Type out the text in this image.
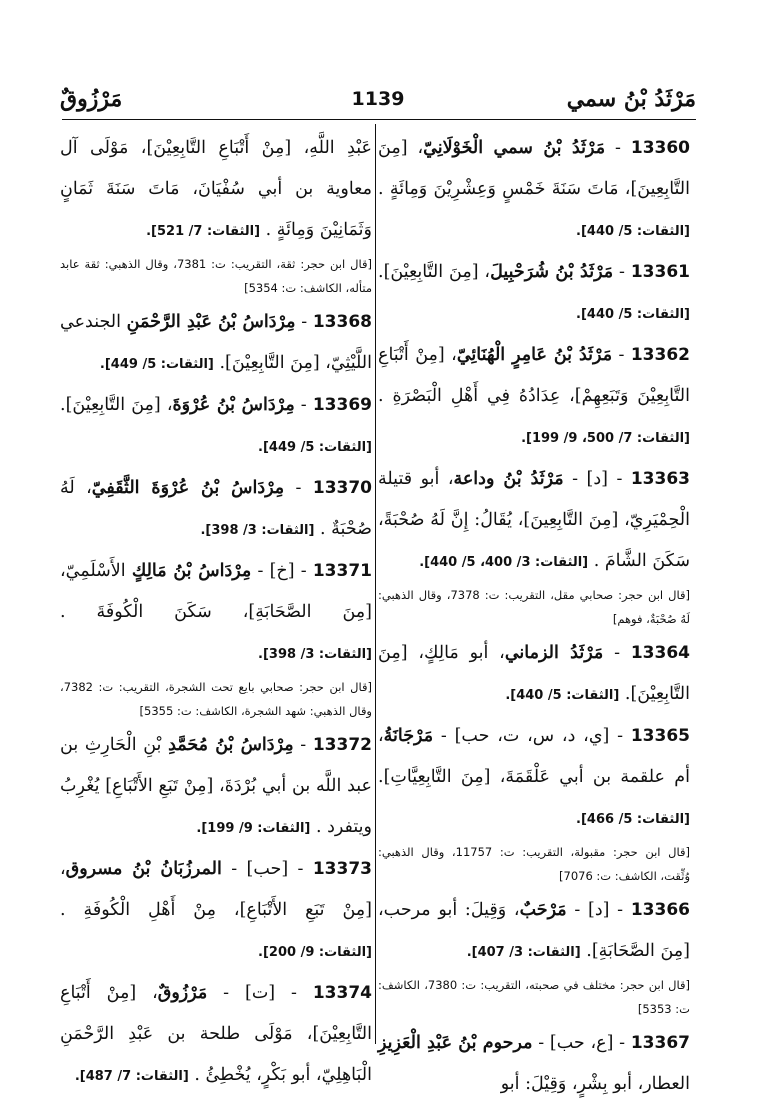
مَرْثَدُ بْنُ سمي
1139
مَرْزُوقٌ

13360 - مَرْثَدُ بْنُ سمي الْخَوْلَانِيّ، [مِنَ التَّابِعِينَ]، مَاتَ سَنَةَ خَمْسٍ وَعِشْرِيْنَ وَمِائَةٍ . [الثقات: 5/ 440].

13361 - مَرْثَدُ بْنُ شُرَحْبِيلَ، [مِنَ التَّابِعِيْنَ]. [الثقات: 5/ 440].

13362 - مَرْثَدُ بْنُ عَامِرٍ الْهُنَائِيّ، [مِنْ أَتْبَاعِ التَّابِعِيْنَ وَتَبَعِهِمْ]، عِدَادُهُ فِي أَهْلِ الْبَصْرَةِ . [الثقات: 7/ 500، 9/ 199].

13363 - [د] - مَرْثَدُ بْنُ وداعة، أبو قتيلة الْحِمْيَرِيّ، [مِنَ التَّابِعِينَ]، يُقَالُ: إِنَّ لَهُ صُحْبَةً، سَكَنَ الشَّامَ . [الثقات: 3/ 400، 5/ 440].

[قال ابن حجر: صحابي مقل، التقريب: ت: 7378، وقال الذهبي: لَهُ صُحْبَةٌ، فوهم]

13364 - مَرْثَدُ الزماني، أبو مَالِكٍ، [مِنَ التَّابِعِيْنَ]. [الثقات: 5/ 440].

13365 - [ي، د، س، ت، حب] - مَرْجَانَةُ، أم علقمة بن أبي عَلْقَمَةَ، [مِنَ التَّابِعِيَّاتِ]. [الثقات: 5/ 466].

[قال ابن حجر: مقبولة، التقريب: ت: 11757، وقال الذهبي: وُثِّقت، الكاشف: ت: 7076]

13366 - [د] - مَرْحَبٌ، وَقِيلَ: أبو مرحب، [مِنَ الصَّحَابَةِ]. [الثقات: 3/ 407].

[قال ابن حجر: مختلف في صحبته، التقريب: ت: 7380، الكاشف: ت: 5353]

13367 - [ع، حب] - مرحوم بْنُ عَبْدِ الْعَزِيزِ العطار، أبو بِشْرٍ، وَقِيْلَ: أبو

عَبْدِ اللَّهِ، [مِنْ أَتْبَاعِ التَّابِعِيْنَ]، مَوْلَى آل معاوية بن أبي سُفْيَانَ، مَاتَ سَنَةَ ثَمَانٍ وَثَمَانِيْنَ وَمِائَةٍ . [الثقات: 7/ 521].

[قال ابن حجر: ثقة، التقريب: ت: 7381، وقال الذهبي: ثقة عابد متأله، الكاشف: ت: 5354]

13368 - مِرْدَاسُ بْنُ عَبْدِ الرَّحْمَنِ الجندعي اللَّيْثِيّ، [مِنَ التَّابِعِيْنَ]. [الثقات: 5/ 449].

13369 - مِرْدَاسُ بْنُ عُرْوَةَ، [مِنَ التَّابِعِيْنَ]. [الثقات: 5/ 449].

13370 - مِرْدَاسُ بْنُ عُرْوَةَ الثَّقَفِيّ، لَهُ صُحْبَةٌ . [الثقات: 3/ 398].

13371 - [خ] - مِرْدَاسُ بْنُ مَالِكٍ الأَسْلَمِيّ، [مِنَ الصَّحَابَةِ]، سَكَنَ الْكُوفَةَ . [الثقات: 3/ 398].

[قال ابن حجر: صحابي بايع تحت الشجرة، التقريب: ت: 7382، وقال الذهبي: شهد الشجرة، الكاشف: ت: 5355]

13372 - مِرْدَاسُ بْنُ مُحَمَّدِ بْنِ الْحَارِثِ بن عبد اللَّه بن أبي بُرْدَةَ، [مِنْ تَبَعِ الأَتْبَاعِ] يُغْرِبُ ويتفرد . [الثقات: 9/ 199].

13373 - [حب] - المرزُبَانُ بْنُ مسروق، [مِنْ تَبَعِ الأَتْبَاعِ]، مِنْ أَهْلِ الْكُوفَةِ . [الثقات: 9/ 200].

13374 - [ت] - مَرْزُوقٌ، [مِنْ أَتْبَاعِ التَّابِعِيْنَ]، مَوْلَى طلحة بن عَبْدِ الرَّحْمَنِ الْبَاهِلِيّ، أبو بَكْرٍ، يُخْطِئُ . [الثقات: 7/ 487].
